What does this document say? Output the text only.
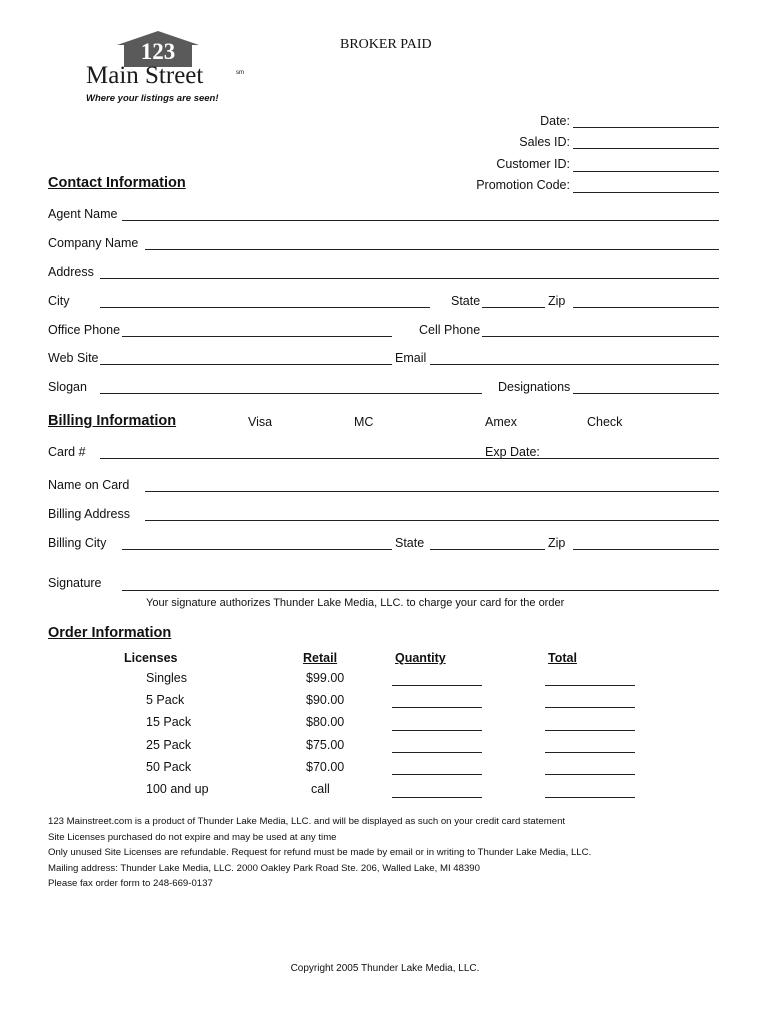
123
Main Street	sm
Where your listings are seen!
BROKER PAID
Date:
Sales ID:
Customer ID:
Promotion Code:
Contact Information
Agent Name
Company Name
Address
City	State	Zip
Office Phone	Cell Phone
Web Site	Email
Slogan	Designations
Billing Information	Visa	MC	Amex	Check
Card #	Exp Date:
Name on Card
Billing Address
Billing City	State	Zip
Signature
Your signature authorizes Thunder Lake Media, LLC. to charge your card for the order
Order Information
Licenses	Retail	Quantity	Total
Singles	$99.00
5 Pack	$90.00
15 Pack	$80.00
25 Pack	$75.00
50 Pack	$70.00
100 and up	call
123 Mainstreet.com is a product of Thunder Lake Media, LLC. and will be displayed as such on your credit card statement
Site Licenses purchased do not expire and may be used at any time
Only unused Site Licenses are refundable. Request for refund must be made by email or in writing to Thunder Lake Media, LLC.
Mailing address: Thunder Lake Media, LLC. 2000 Oakley Park Road Ste. 206, Walled Lake, MI 48390
Please fax order form to 248-669-0137
Copyright 2005 Thunder Lake Media, LLC.
